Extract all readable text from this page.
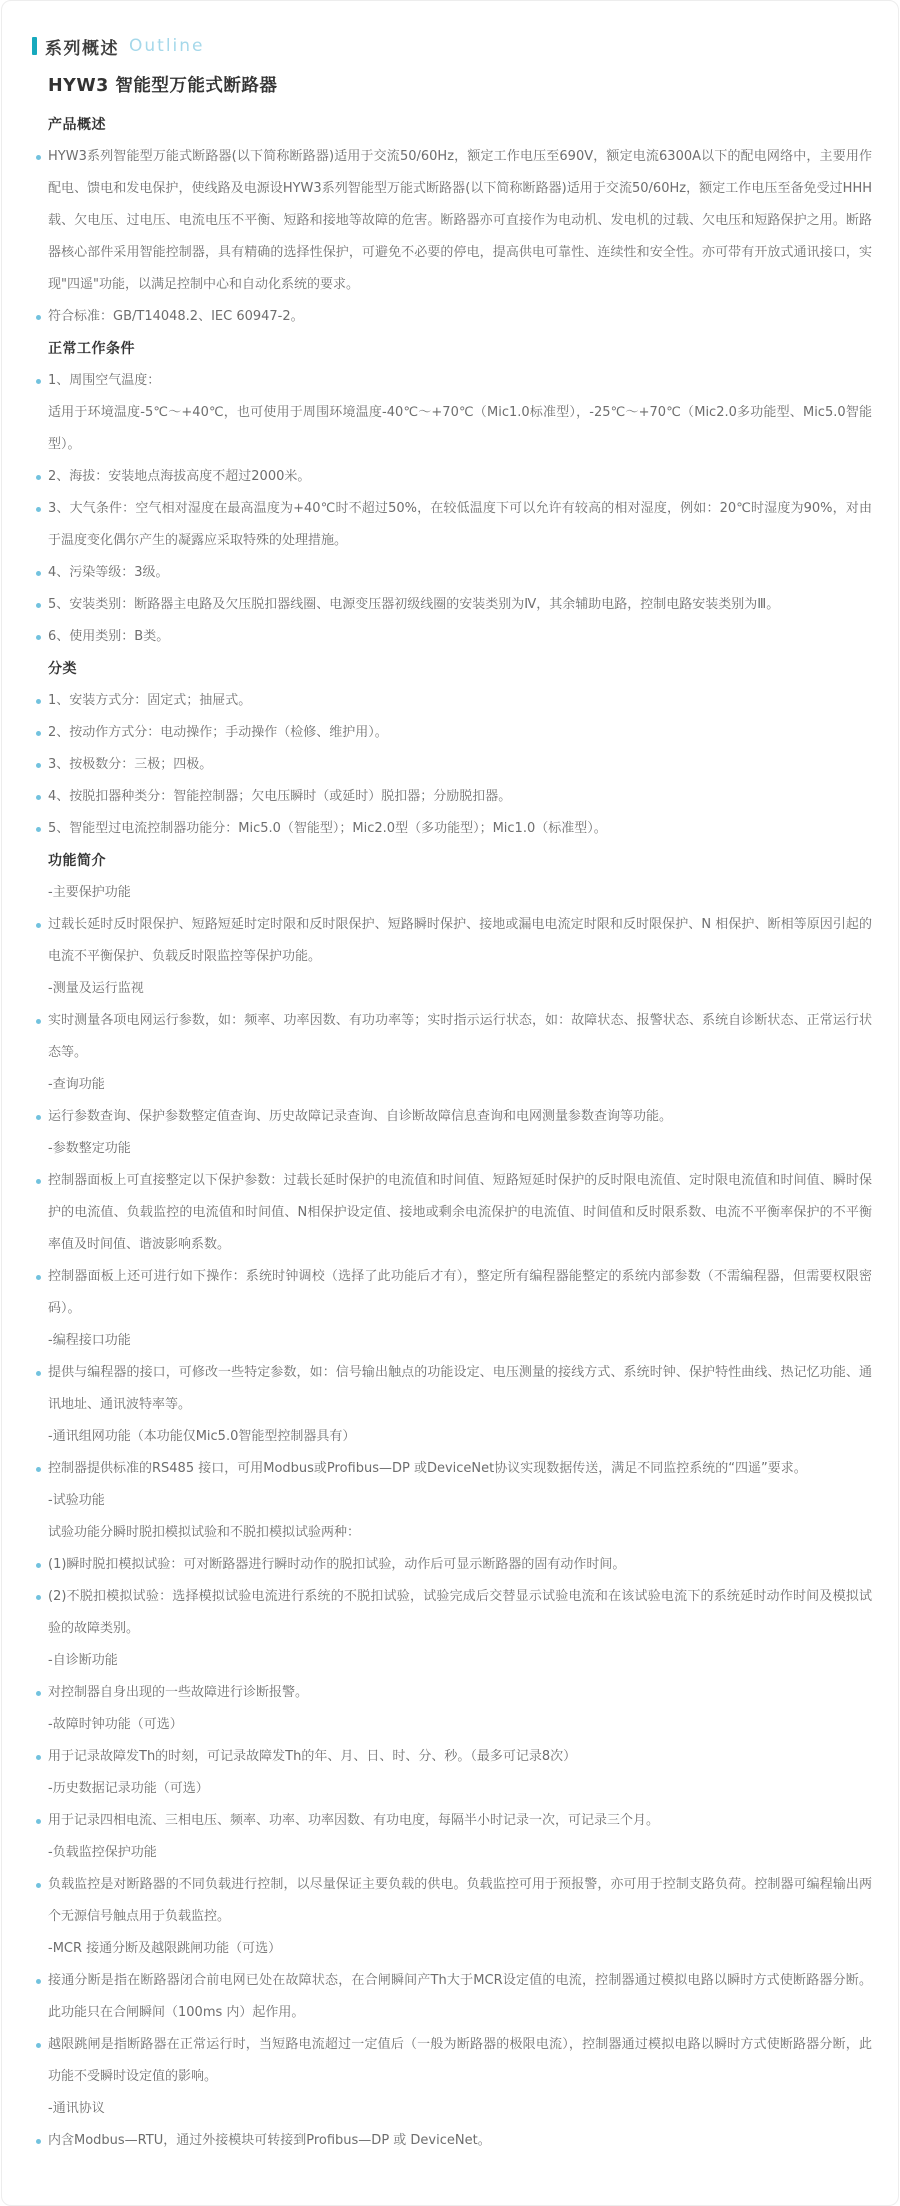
系列概述 Outline
HYW3 智能型万能式断路器
产品概述
HYW3系列智能型万能式断路器(以下简称断路器)适用于交流50/60Hz，额定工作电压至690V，额定电流6300A以下的配电网络中，主要用作配电、馈电和发电保护，使线路及电源设HYW3系列智能型万能式断路器(以下简称断路器)适用于交流50/60Hz，额定工作电压至备免受过HHH载、欠电压、过电压、电流电压不平衡、短路和接地等故障的危害。断路器亦可直接作为电动机、发电机的过载、欠电压和短路保护之用。断路器核心部件采用智能控制器，具有精确的选择性保护，可避免不必要的停电，提高供电可靠性、连续性和安全性。亦可带有开放式通讯接口，实现"四遥"功能，以满足控制中心和自动化系统的要求。
符合标准：GB/T14048.2、IEC 60947-2。
正常工作条件
1、周围空气温度：
适用于环境温度-5℃～+40℃，也可使用于周围环境温度-40℃～+70℃（Mic1.0标准型），-25℃～+70℃（Mic2.0多功能型、Mic5.0智能型）。
2、海拔：安装地点海拔高度不超过2000米。
3、大气条件：空气相对湿度在最高温度为+40℃时不超过50%，在较低温度下可以允许有较高的相对湿度，例如：20℃时湿度为90%，对由于温度变化偶尔产生的凝露应采取特殊的处理措施。
4、污染等级：3级。
5、安装类别：断路器主电路及欠压脱扣器线圈、电源变压器初级线圈的安装类别为Ⅳ，其余辅助电路，控制电路安装类别为Ⅲ。
6、使用类别：B类。
分类
1、安装方式分：固定式；抽屉式。
2、按动作方式分：电动操作；手动操作（检修、维护用）。
3、按极数分：三极；四极。
4、按脱扣器种类分：智能控制器；欠电压瞬时（或延时）脱扣器；分励脱扣器。
5、智能型过电流控制器功能分：Mic5.0（智能型）；Mic2.0型（多功能型）；Mic1.0（标准型）。
功能简介
-主要保护功能
过载长延时反时限保护、短路短延时定时限和反时限保护、短路瞬时保护、接地或漏电电流定时限和反时限保护、N 相保护、断相等原因引起的电流不平衡保护、负载反时限监控等保护功能。
-测量及运行监视
实时测量各项电网运行参数，如：频率、功率因数、有功功率等；实时指示运行状态，如：故障状态、报警状态、系统自诊断状态、正常运行状态等。
-查询功能
运行参数查询、保护参数整定值查询、历史故障记录查询、自诊断故障信息查询和电网测量参数查询等功能。
-参数整定功能
控制器面板上可直接整定以下保护参数：过载长延时保护的电流值和时间值、短路短延时保护的反时限电流值、定时限电流值和时间值、瞬时保护的电流值、负载监控的电流值和时间值、N相保护设定值、接地或剩余电流保护的电流值、时间值和反时限系数、电流不平衡率保护的不平衡率值及时间值、谐波影响系数。
控制器面板上还可进行如下操作：系统时钟调校（选择了此功能后才有），整定所有编程器能整定的系统内部参数（不需编程器，但需要权限密码）。
-编程接口功能
提供与编程器的接口，可修改一些特定参数，如：信号输出触点的功能设定、电压测量的接线方式、系统时钟、保护特性曲线、热记忆功能、通讯地址、通讯波特率等。
-通讯组网功能（本功能仅Mic5.0智能型控制器具有）
控制器提供标准的RS485 接口，可用Modbus或Profibus—DP 或DeviceNet协议实现数据传送，满足不同监控系统的“四遥”要求。
-试验功能
试验功能分瞬时脱扣模拟试验和不脱扣模拟试验两种：
(1)瞬时脱扣模拟试验：可对断路器进行瞬时动作的脱扣试验，动作后可显示断路器的固有动作时间。
(2)不脱扣模拟试验：选择模拟试验电流进行系统的不脱扣试验，试验完成后交替显示试验电流和在该试验电流下的系统延时动作时间及模拟试验的故障类别。
-自诊断功能
对控制器自身出现的一些故障进行诊断报警。
-故障时钟功能（可选）
用于记录故障发Th的时刻，可记录故障发Th的年、月、日、时、分、秒。（最多可记录8次）
-历史数据记录功能（可选）
用于记录四相电流、三相电压、频率、功率、功率因数、有功电度，每隔半小时记录一次，可记录三个月。
-负载监控保护功能
负载监控是对断路器的不同负载进行控制，以尽量保证主要负载的供电。负载监控可用于预报警，亦可用于控制支路负荷。控制器可编程输出两个无源信号触点用于负载监控。
-MCR 接通分断及越限跳闸功能（可选）
接通分断是指在断路器闭合前电网已处在故障状态，在合闸瞬间产Th大于MCR设定值的电流，控制器通过模拟电路以瞬时方式使断路器分断。此功能只在合闸瞬间（100ms 内）起作用。
越限跳闸是指断路器在正常运行时，当短路电流超过一定值后（一般为断路器的极限电流），控制器通过模拟电路以瞬时方式使断路器分断，此功能不受瞬时设定值的影响。
-通讯协议
内含Modbus—RTU，通过外接模块可转接到Profibus—DP 或 DeviceNet。
